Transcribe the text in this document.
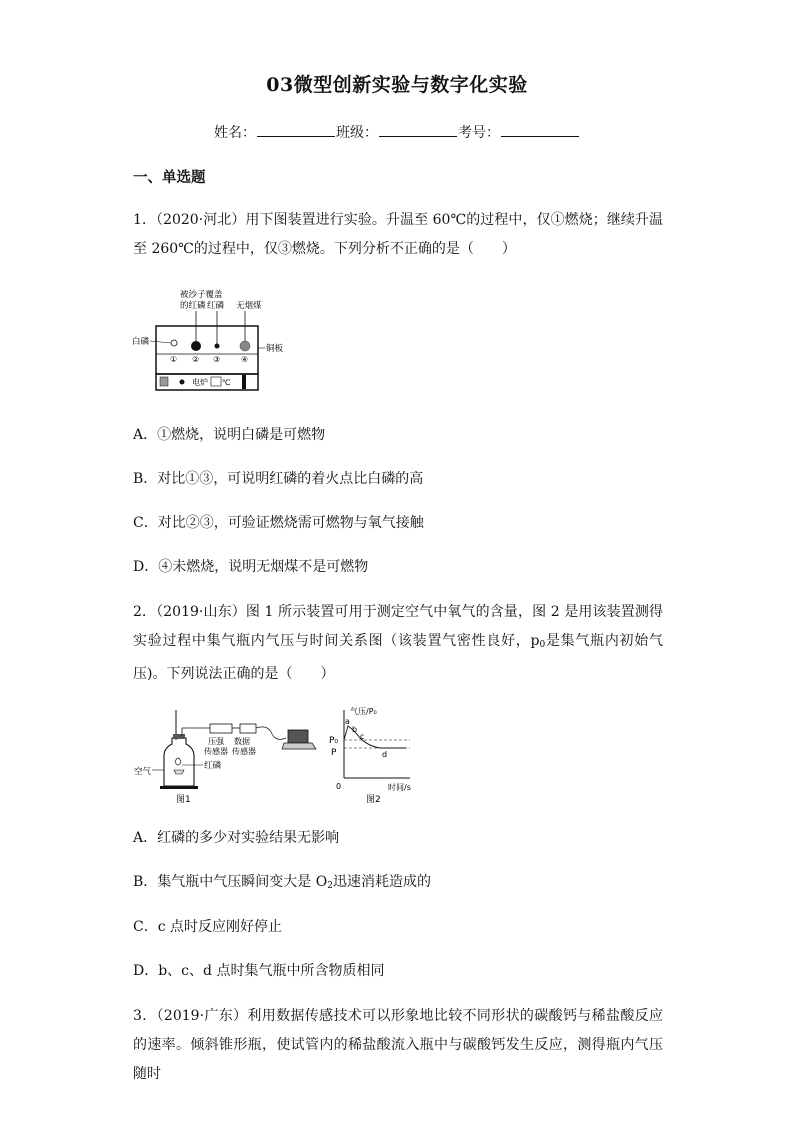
03微型创新实验与数字化实验
姓名：	班级：	考号：
一、单选题
1．（2020·河北）用下图装置进行实验。升温至 60℃的过程中，仅①燃烧；继续升温至 260℃的过程中，仅③燃烧。下列分析不正确的是（　　）
被沙子覆盖
的红磷 红磷 无烟煤
① ② ③	④
白磷
铜板
电炉 ℃
A．①燃烧，说明白磷是可燃物
B．对比①③，可说明红磷的着火点比白磷的高
C．对比②③，可验证燃烧需可燃物与氧气接触
D．④未燃烧，说明无烟煤不是可燃物
2．（2019·山东）图 1 所示装置可用于测定空气中氧气的含量，图 2 是用该装置测得实验过程中集气瓶内气压与时间关系图（该装置气密性良好，$p_0$是集气瓶内初始气压)。下列说法正确的是（　　）
压强
传感器
数据
传感器
空气
红磷
图1
气压/P₀
时间/s
0
P₀
P
a
b
c
d
图2
A．红磷的多少对实验结果无影响
B．集气瓶中气压瞬间变大是 $O_2$迅速消耗造成的
C．c 点时反应刚好停止
D．b、c、d 点时集气瓶中所含物质相同
3．（2019·广东）利用数据传感技术可以形象地比较不同形状的碳酸钙与稀盐酸反应的速率。倾斜锥形瓶，使试管内的稀盐酸流入瓶中与碳酸钙发生反应，测得瓶内气压随时
